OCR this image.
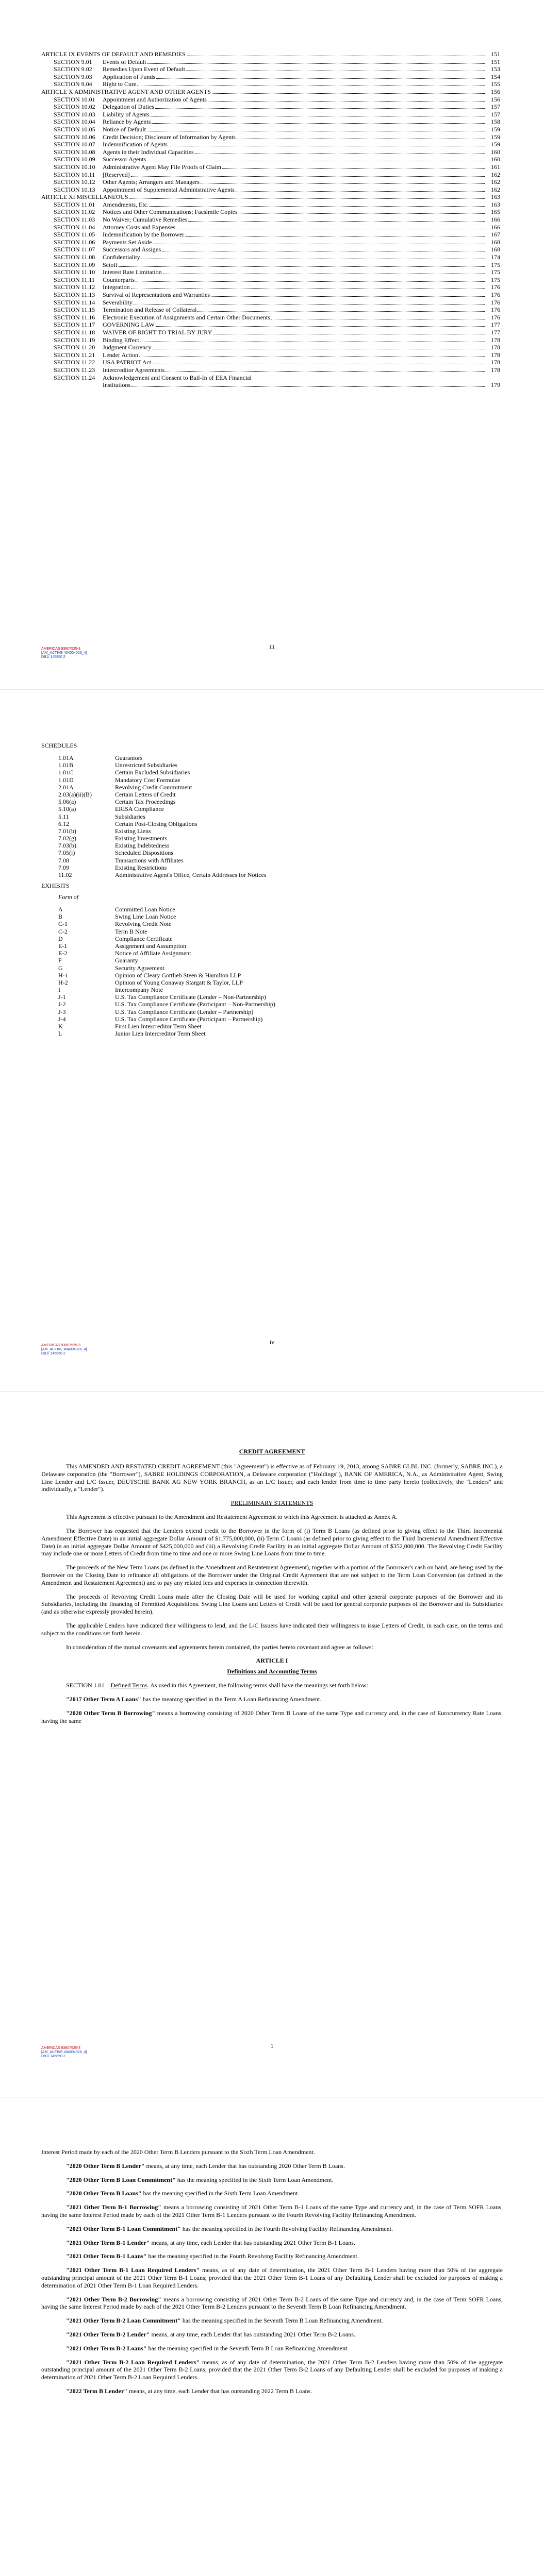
ARTICLE IX EVENTS OF DEFAULT AND REMEDIES	151
SECTION 9.01	Events of Default	151
SECTION 9.02	Remedies Upon Event of Default	153
SECTION 9.03	Application of Funds	154
SECTION 9.04	Right to Cure	155
ARTICLE X ADMINISTRATIVE AGENT AND OTHER AGENTS	156
SECTION 10.01	Appointment and Authorization of Agents	156
SECTION 10.02	Delegation of Duties	157
SECTION 10.03	Liability of Agents	157
SECTION 10.04	Reliance by Agents	158
SECTION 10.05	Notice of Default	159
SECTION 10.06	Credit Decision; Disclosure of Information by Agents	159
SECTION 10.07	Indemnification of Agents	159
SECTION 10.08	Agents in their Individual Capacities	160
SECTION 10.09	Successor Agents	160
SECTION 10.10	Administrative Agent May File Proofs of Claim	161
SECTION 10.11	[Reserved]	162
SECTION 10.12	Other Agents; Arrangers and Managers	162
SECTION 10.13	Appointment of Supplemental Administrative Agents	162
ARTICLE XI MISCELLANEOUS	163
SECTION 11.01	Amendments, Etc.	163
SECTION 11.02	Notices and Other Communications; Facsimile Copies	165
SECTION 11.03	No Waiver; Cumulative Remedies	166
SECTION 11.04	Attorney Costs and Expenses	166
SECTION 11.05	Indemnification by the Borrower	167
SECTION 11.06	Payments Set Aside	168
SECTION 11.07	Successors and Assigns	168
SECTION 11.08	Confidentiality	174
SECTION 11.09	Setoff	175
SECTION 11.10	Interest Rate Limitation	175
SECTION 11.11	Counterparts	175
SECTION 11.12	Integration	176
SECTION 11.13	Survival of Representations and Warranties	176
SECTION 11.14	Severability	176
SECTION 11.15	Termination and Release of Collateral	176
SECTION 11.16	Electronic Execution of Assignments and Certain Other Documents	176
SECTION 11.17	GOVERNING LAW	177
SECTION 11.18	WAIVER OF RIGHT TO TRIAL BY JURY	177
SECTION 11.19	Binding Effect	178
SECTION 11.20	Judgment Currency	178
SECTION 11.21	Lender Action	178
SECTION 11.22	USA PATRIOT Act	178
SECTION 11.23	Intercreditor Agreements	178
SECTION 11.24	Acknowledgement and Consent to Bail-In of EEA Financial
Institutions	179
iii
AMERICAS 93807525-3
[AM_ACTIVE 404004026_4]
DB1/ 145850 2
SCHEDULES
1.01A	Guarantors
1.01B	Unrestricted Subsidiaries
1.01C	Certain Excluded Subsidiaries
1.01D	Mandatory Cost Formulae
2.01A	Revolving Credit Commitment
2.03(a)(ii)(B)	Certain Letters of Credit
5.06(a)	Certain Tax Proceedings
5.10(a)	ERISA Compliance
5.11	Subsidiaries
6.12	Certain Post-Closing Obligations
7.01(b)	Existing Liens
7.02(g)	Existing Investments
7.03(b)	Existing Indebtedness
7.05(l)	Scheduled Dispositions
7.08	Transactions with Affiliates
7.09	Existing Restrictions
11.02	Administrative Agent's Office, Certain Addresses for Notices
EXHIBITS
Form of
A	Committed Loan Notice
B	Swing Line Loan Notice
C-1	Revolving Credit Note
C-2	Term B Note
D	Compliance Certificate
E-1	Assignment and Assumption
E-2	Notice of Affiliate Assignment
F	Guaranty
G	Security Agreement
H-1	Opinion of Cleary Gottlieb Steen & Hamilton LLP
H-2	Opinion of Young Conaway Stargatt & Taylor, LLP
I	Intercompany Note
J-1	U.S. Tax Compliance Certificate (Lender – Non-Partnership)
J-2	U.S. Tax Compliance Certificate (Participant – Non-Partnership)
J-3	U.S. Tax Compliance Certificate (Lender – Partnership)
J-4	U.S. Tax Compliance Certificate (Participant – Partnership)
K	First Lien Intercreditor Term Sheet
L	Junior Lien Intercreditor Term Sheet
iv
AMERICAS 93807525-3
[AM_ACTIVE 404004026_4]
DB1/ 145850 2
CREDIT AGREEMENT

This AMENDED AND RESTATED CREDIT AGREEMENT (this "Agreement") is effective as of February 19, 2013, among SABRE GLBL INC. (formerly, SABRE INC.), a Delaware corporation (the "Borrower"), SABRE HOLDINGS CORPORATION, a Delaware corporation ("Holdings"), BANK OF AMERICA, N.A., as Administrative Agent, Swing Line Lender and L/C Issuer, DEUTSCHE BANK AG NEW YORK BRANCH, as an L/C Issuer, and each lender from time to time party hereto (collectively, the "Lenders" and individually, a "Lender").

PRELIMINARY STATEMENTS

This Agreement is effective pursuant to the Amendment and Restatement Agreement to which this Agreement is attached as Annex A.

The Borrower has requested that the Lenders extend credit to the Borrower in the form of (i) Term B Loans (as defined prior to giving effect to the Third Incremental Amendment Effective Date) in an initial aggregate Dollar Amount of $1,775,000,000, (ii) Term C Loans (as defined prior to giving effect to the Third Incremental Amendment Effective Date) in an initial aggregate Dollar Amount of $425,000,000 and (iii) a Revolving Credit Facility in an initial aggregate Dollar Amount of $352,000,000. The Revolving Credit Facility may include one or more Letters of Credit from time to time and one or more Swing Line Loans from time to time.

The proceeds of the New Term Loans (as defined in the Amendment and Restatement Agreement), together with a portion of the Borrower's cash on hand, are being used by the Borrower on the Closing Date to refinance all obligations of the Borrower under the Original Credit Agreement that are not subject to the Term Loan Conversion (as defined in the Amendment and Restatement Agreement) and to pay any related fees and expenses in connection therewith.

The proceeds of Revolving Credit Loans made after the Closing Date will be used for working capital and other general corporate purposes of the Borrower and its Subsidiaries, including the financing of Permitted Acquisitions. Swing Line Loans and Letters of Credit will be used for general corporate purposes of the Borrower and its Subsidiaries (and as otherwise expressly provided herein).

The applicable Lenders have indicated their willingness to lend, and the L/C Issuers have indicated their willingness to issue Letters of Credit, in each case, on the terms and subject to the conditions set forth herein.

In consideration of the mutual covenants and agreements herein contained, the parties hereto covenant and agree as follows:

ARTICLE I
Definitions and Accounting Terms

SECTION 1.01 Defined Terms. As used in this Agreement, the following terms shall have the meanings set forth below:

"2017 Other Term A Loans" has the meaning specified in the Term A Loan Refinancing Amendment.

"2020 Other Term B Borrowing" means a borrowing consisting of 2020 Other Term B Loans of the same Type and currency and, in the case of Eurocurrency Rate Loans, having the same

1
AMERICAS 93807525-3
[AM_ACTIVE 404004026_4]
DB1/ 145850 2

Interest Period made by each of the 2020 Other Term B Lenders pursuant to the Sixth Term Loan Amendment.

"2020 Other Term B Lender" means, at any time, each Lender that has outstanding 2020 Other Term B Loans.

"2020 Other Term B Loan Commitment" has the meaning specified in the Sixth Term Loan Amendment.

"2020 Other Term B Loans" has the meaning specified in the Sixth Term Loan Amendment.

"2021 Other Term B-1 Borrowing" means a borrowing consisting of 2021 Other Term B-1 Loans of the same Type and currency and, in the case of Term SOFR Loans, having the same Interest Period made by each of the 2021 Other Term B-1 Lenders pursuant to the Fourth Revolving Facility Refinancing Amendment.

"2021 Other Term B-1 Loan Commitment" has the meaning specified in the Fourth Revolving Facility Refinancing Amendment.

"2021 Other Term B-1 Lender" means, at any time, each Lender that has outstanding 2021 Other Term B-1 Loans.

"2021 Other Term B-1 Loans" has the meaning specified in the Fourth Revolving Facility Refinancing Amendment.

"2021 Other Term B-1 Loan Required Lenders" means, as of any date of determination, the 2021 Other Term B-1 Lenders having more than 50% of the aggregate outstanding principal amount of the 2021 Other Term B-1 Loans; provided that the 2021 Other Term B-1 Loans of any Defaulting Lender shall be excluded for purposes of making a determination of 2021 Other Term B-1 Loan Required Lenders.

"2021 Other Term B-2 Borrowing" means a borrowing consisting of 2021 Other Term B-2 Loans of the same Type and currency and, in the case of Term SOFR Loans, having the same Interest Period made by each of the 2021 Other Term B-2 Lenders pursuant to the Seventh Term B Loan Refinancing Amendment.

"2021 Other Term B-2 Loan Commitment" has the meaning specified in the Seventh Term B Loan Refinancing Amendment.

"2021 Other Term B-2 Lender" means, at any time, each Lender that has outstanding 2021 Other Term B-2 Loans.

"2021 Other Term B-2 Loans" has the meaning specified in the Seventh Term B Loan Refinancing Amendment.

"2021 Other Term B-2 Loan Required Lenders" means, as of any date of determination, the 2021 Other Term B-2 Lenders having more than 50% of the aggregate outstanding principal amount of the 2021 Other Term B-2 Loans; provided that the 2021 Other Term B-2 Loans of any Defaulting Lender shall be excluded for purposes of making a determination of 2021 Other Term B-2 Loan Required Lenders.

"2022 Term B Lender" means, at any time, each Lender that has outstanding 2022 Term B Loans.
